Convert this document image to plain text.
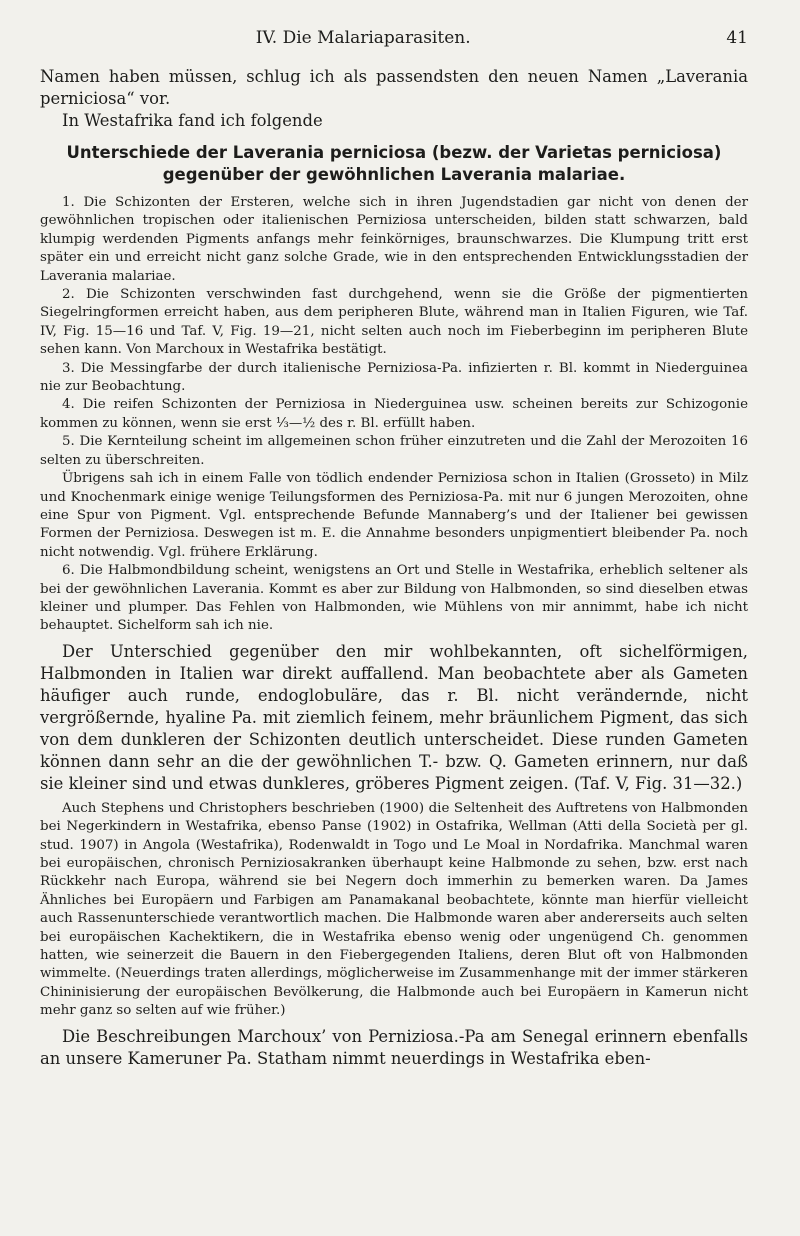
IV. Die Malariaparasiten.	41

Namen haben müssen, schlug ich als passendsten den neuen Namen „Laverania perniciosa“ vor.

In Westafrika fand ich folgende

Unterschiede der Laverania perniciosa (bezw. der Varietas perniciosa)
gegenüber der gewöhnlichen Laverania malariae.

1. Die Schizonten der Ersteren, welche sich in ihren Jugendstadien gar nicht von denen der gewöhnlichen tropischen oder italienischen Perniziosa unterscheiden, bilden statt schwarzen, bald klumpig werdenden Pigments anfangs mehr feinkörniges, braunschwarzes. Die Klumpung tritt erst später ein und erreicht nicht ganz solche Grade, wie in den entsprechenden Entwicklungsstadien der Laverania malariae.

2. Die Schizonten verschwinden fast durchgehend, wenn sie die Größe der pigmentierten Siegelringformen erreicht haben, aus dem peripheren Blute, während man in Italien Figuren, wie Taf. IV, Fig. 15—16 und Taf. V, Fig. 19—21, nicht selten auch noch im Fieberbeginn im peripheren Blute sehen kann. Von Marchoux in Westafrika bestätigt.

3. Die Messingfarbe der durch italienische Perniziosa-Pa. infizierten r. Bl. kommt in Niederguinea nie zur Beobachtung.

4. Die reifen Schizonten der Perniziosa in Niederguinea usw. scheinen bereits zur Schizogonie kommen zu können, wenn sie erst ⅓—½ des r. Bl. erfüllt haben.

5. Die Kernteilung scheint im allgemeinen schon früher einzutreten und die Zahl der Merozoiten 16 selten zu überschreiten.

Übrigens sah ich in einem Falle von tödlich endender Perniziosa schon in Italien (Grosseto) in Milz und Knochenmark einige wenige Teilungsformen des Perniziosa-Pa. mit nur 6 jungen Merozoiten, ohne eine Spur von Pigment. Vgl. entsprechende Befunde Mannaberg’s und der Italiener bei gewissen Formen der Perniziosa. Deswegen ist m. E. die Annahme besonders unpigmentiert bleibender Pa. noch nicht notwendig. Vgl. frühere Erklärung.

6. Die Halbmondbildung scheint, wenigstens an Ort und Stelle in Westafrika, erheblich seltener als bei der gewöhnlichen Laverania. Kommt es aber zur Bildung von Halbmonden, so sind dieselben etwas kleiner und plumper. Das Fehlen von Halbmonden, wie Mühlens von mir annimmt, habe ich nicht behauptet. Sichelform sah ich nie.

Der Unterschied gegenüber den mir wohlbekannten, oft sichelförmigen, Halbmonden in Italien war direkt auffallend. Man beobachtete aber als Gameten häufiger auch runde, endoglobuläre, das r. Bl. nicht verändernde, nicht vergrößernde, hyaline Pa. mit ziemlich feinem, mehr bräunlichem Pigment, das sich von dem dunkleren der Schizonten deutlich unterscheidet. Diese runden Gameten können dann sehr an die der gewöhnlichen T.- bzw. Q. Gameten erinnern, nur daß sie kleiner sind und etwas dunkleres, gröberes Pigment zeigen. (Taf. V, Fig. 31—32.)

Auch Stephens und Christophers beschrieben (1900) die Seltenheit des Auftretens von Halbmonden bei Negerkindern in Westafrika, ebenso Panse (1902) in Ostafrika, Wellman (Atti della Società per gl. stud. 1907) in Angola (Westafrika), Rodenwaldt in Togo und Le Moal in Nordafrika. Manchmal waren bei europäischen, chronisch Perniziosakranken überhaupt keine Halbmonde zu sehen, bzw. erst nach Rückkehr nach Europa, während sie bei Negern doch immerhin zu bemerken waren. Da James Ähnliches bei Europäern und Farbigen am Panamakanal beobachtete, könnte man hierfür vielleicht auch Rassenunterschiede verantwortlich machen. Die Halbmonde waren aber andererseits auch selten bei europäischen Kachektikern, die in Westafrika ebenso wenig oder ungenügend Ch. genommen hatten, wie seinerzeit die Bauern in den Fiebergegenden Italiens, deren Blut oft von Halbmonden wimmelte. (Neuerdings traten allerdings, möglicherweise im Zusammenhange mit der immer stärkeren Chininisierung der europäischen Bevölkerung, die Halbmonde auch bei Europäern in Kamerun nicht mehr ganz so selten auf wie früher.)

Die Beschreibungen Marchoux’ von Perniziosa.-Pa am Senegal erinnern ebenfalls an unsere Kameruner Pa. Statham nimmt neuerdings in Westafrika eben-
